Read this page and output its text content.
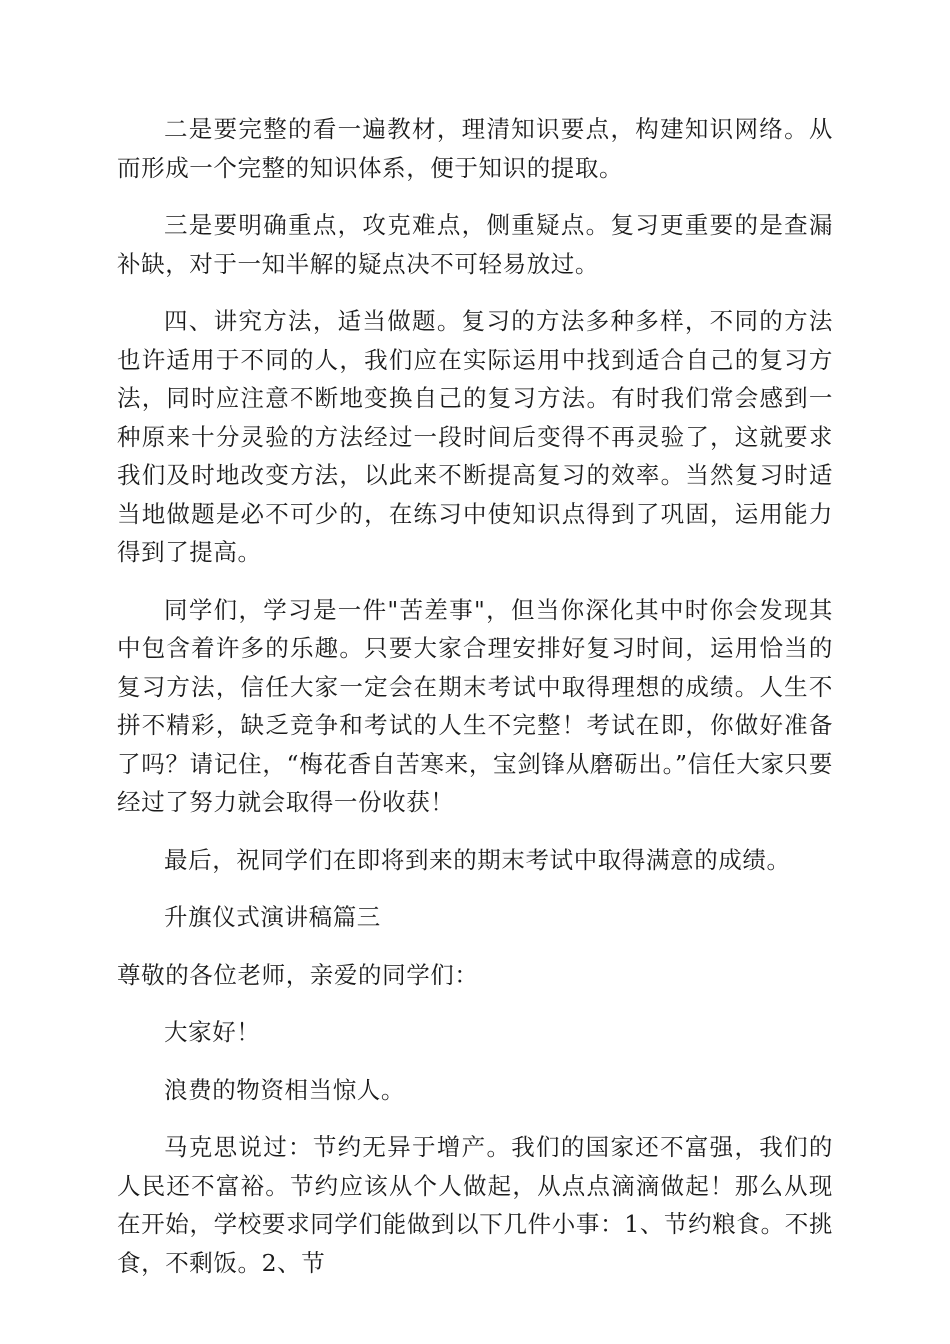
二是要完整的看一遍教材，理清知识要点，构建知识网络。从而形成一个完整的知识体系，便于知识的提取。

三是要明确重点，攻克难点，侧重疑点。复习更重要的是查漏补缺，对于一知半解的疑点决不可轻易放过。

四、讲究方法，适当做题。复习的方法多种多样，不同的方法也许适用于不同的人，我们应在实际运用中找到适合自己的复习方法，同时应注意不断地变换自己的复习方法。有时我们常会感到一种原来十分灵验的方法经过一段时间后变得不再灵验了，这就要求我们及时地改变方法，以此来不断提高复习的效率。当然复习时适当地做题是必不可少的，在练习中使知识点得到了巩固，运用能力得到了提高。

同学们，学习是一件"苦差事"，但当你深化其中时你会发现其中包含着许多的乐趣。只要大家合理安排好复习时间，运用恰当的复习方法，信任大家一定会在期末考试中取得理想的成绩。人生不拼不精彩，缺乏竞争和考试的人生不完整！考试在即，你做好准备了吗？请记住，“梅花香自苦寒来，宝剑锋从磨砺出。”信任大家只要经过了努力就会取得一份收获！

最后，祝同学们在即将到来的期末考试中取得满意的成绩。

升旗仪式演讲稿篇三

尊敬的各位老师，亲爱的同学们：

大家好！

浪费的物资相当惊人。

马克思说过：节约无异于增产。我们的国家还不富强，我们的人民还不富裕。节约应该从个人做起，从点点滴滴做起！那么从现在开始，学校要求同学们能做到以下几件小事：1、节约粮食。不挑食，不剩饭。2、节
